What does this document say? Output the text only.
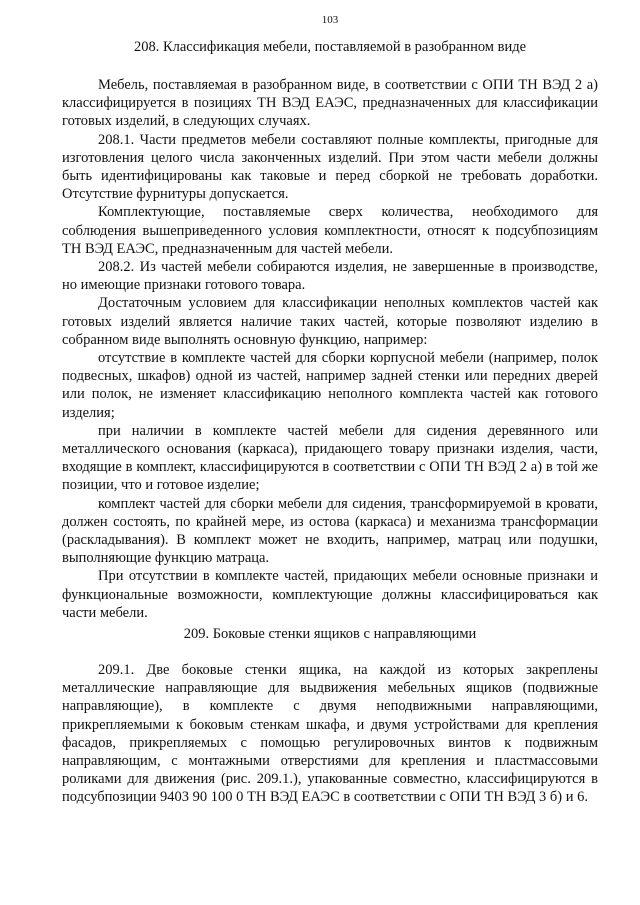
103
208. Классификация мебели, поставляемой в разобранном виде

Мебель, поставляемая в разобранном виде, в соответствии с ОПИ ТН ВЭД 2 а) классифицируется в позициях ТН ВЭД ЕАЭС, предназначенных для классификации готовых изделий, в следующих случаях.

208.1. Части предметов мебели составляют полные комплекты, пригодные для изготовления целого числа законченных изделий. При этом части мебели должны быть идентифицированы как таковые и перед сборкой не требовать доработки. Отсутствие фурнитуры допускается.

Комплектующие, поставляемые сверх количества, необходимого для соблюдения вышеприведенного условия комплектности, относят к подсубпозициям ТН ВЭД ЕАЭС, предназначенным для частей мебели.

208.2. Из частей мебели собираются изделия, не завершенные в производстве, но имеющие признаки готового товара.

Достаточным условием для классификации неполных комплектов частей как готовых изделий является наличие таких частей, которые позволяют изделию в собранном виде выполнять основную функцию, например:

отсутствие в комплекте частей для сборки корпусной мебели (например, полок подвесных, шкафов) одной из частей, например задней стенки или передних дверей или полок, не изменяет классификацию неполного комплекта частей как готового изделия;

при наличии в комплекте частей мебели для сидения деревянного или металлического основания (каркаса), придающего товару признаки изделия, части, входящие в комплект, классифицируются в соответствии с ОПИ ТН ВЭД 2 а) в той же позиции, что и готовое изделие;

комплект частей для сборки мебели для сидения, трансформируемой в кровати, должен состоять, по крайней мере, из остова (каркаса) и механизма трансформации (раскладывания). В комплект может не входить, например, матрац или подушки, выполняющие функцию матраца.

При отсутствии в комплекте частей, придающих мебели основные признаки и функциональные возможности, комплектующие должны классифицироваться как части мебели.

209. Боковые стенки ящиков с направляющими

209.1. Две боковые стенки ящика, на каждой из которых закреплены металлические направляющие для выдвижения мебельных ящиков (подвижные направляющие), в комплекте с двумя неподвижными направляющими, прикрепляемыми к боковым стенкам шкафа, и двумя устройствами для крепления фасадов, прикрепляемых с помощью регулировочных винтов к подвижным направляющим, с монтажными отверстиями для крепления и пластмассовыми роликами для движения (рис. 209.1.), упакованные совместно, классифицируются в подсубпозиции 9403 90 100 0 ТН ВЭД ЕАЭС в соответствии с ОПИ ТН ВЭД 3 б) и 6.
